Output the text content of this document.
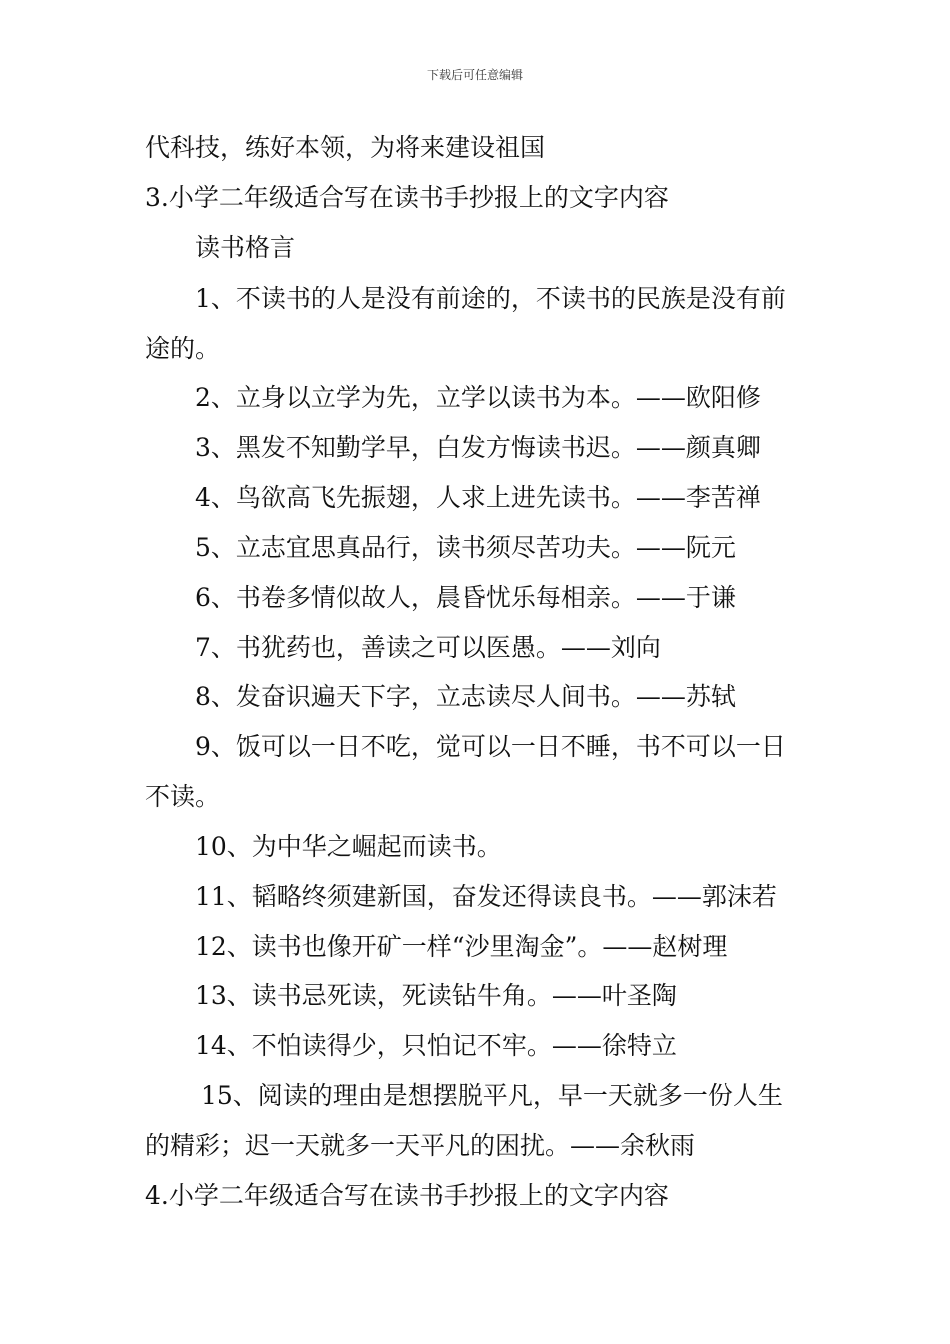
下载后可任意编辑
代科技，练好本领，为将来建设祖国
3.小学二年级适合写在读书手抄报上的文字内容
读书格言
1、不读书的人是没有前途的，不读书的民族是没有前
途的。
2、立身以立学为先，立学以读书为本。——欧阳修
3、黑发不知勤学早，白发方悔读书迟。——颜真卿
4、鸟欲高飞先振翅，人求上进先读书。——李苦禅
5、立志宜思真品行，读书须尽苦功夫。——阮元
6、书卷多情似故人，晨昏忧乐每相亲。——于谦
7、书犹药也，善读之可以医愚。——刘向
8、发奋识遍天下字，立志读尽人间书。——苏轼
9、饭可以一日不吃，觉可以一日不睡，书不可以一日
不读。
10、为中华之崛起而读书。
11、韬略终须建新国，奋发还得读良书。——郭沫若
12、读书也像开矿一样“沙里淘金”。——赵树理
13、读书忌死读，死读钻牛角。——叶圣陶
14、不怕读得少，只怕记不牢。——徐特立
15、阅读的理由是想摆脱平凡，早一天就多一份人生
的精彩；迟一天就多一天平凡的困扰。——余秋雨
4.小学二年级适合写在读书手抄报上的文字内容
